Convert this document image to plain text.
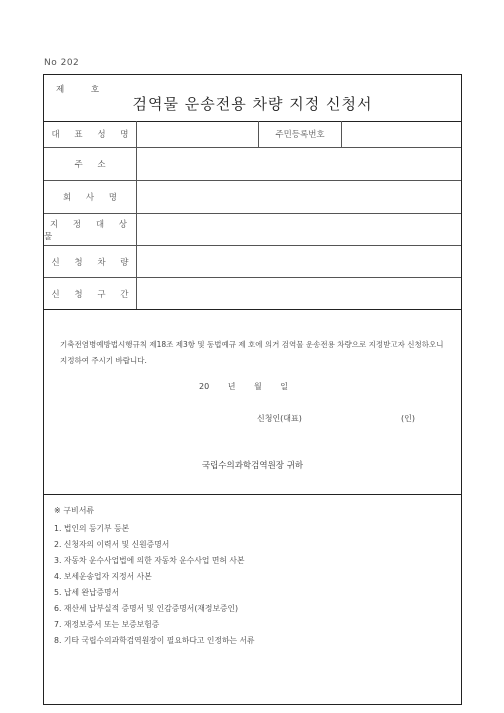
No 202
제 호
검역물 운송전용 차량 지정 신청서
대 표 성 명	주민등록번호
주 소
회 사 명
지 정 대 상 물
신 청 차 량
신 청 구 간
기축전염병예방법시행규칙 제18조 제3항 및 동법예규 제 호에 의거 검역물 운송전용 차량으로 지정받고자 신청하오니 지정하여 주시기 바랍니다.
20 년 월 일
신청인(대표)	(인)
국립수의과학검역원장 귀하
※ 구비서류
1. 법인의 등기부 등본
2. 신청자의 이력서 및 신원증명서
3. 자동차 운수사업법에 의한 자동차 운수사업 면허 사본
4. 보세운송업자 지정서 사본
5. 납세 완납증명서
6. 재산세 납부실적 증명서 및 인감증명서(재정보증인)
7. 재정보증서 또는 보증보험증
8. 기타 국립수의과학검역원장이 필요하다고 인정하는 서류
